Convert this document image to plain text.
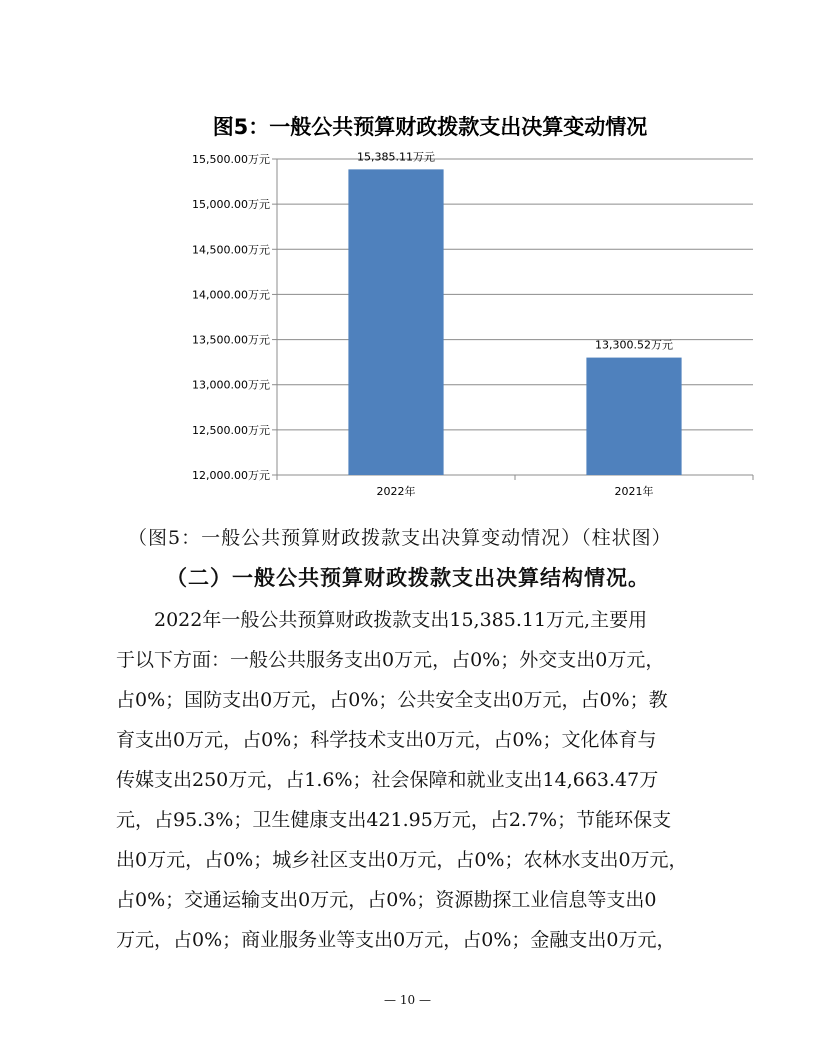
图5：一般公共预算财政拨款支出决算变动情况
12,000.00万元
12,500.00万元
13,000.00万元
13,500.00万元
14,000.00万元
14,500.00万元
15,000.00万元
15,500.00万元	15,385.11万元
2022年
13,300.52万元
2021年
（图5：一般公共预算财政拨款支出决算变动情况）（柱状图）
（二）一般公共预算财政拨款支出决算结构情况。
　　2022年一般公共预算财政拨款支出15,385.11万元,主要用
于以下方面：一般公共服务支出0万元，占0%；外交支出0万元，
占0%；国防支出0万元，占0%；公共安全支出0万元，占0%；教
育支出0万元，占0%；科学技术支出0万元，占0%；文化体育与
传媒支出250万元，占1.6%；社会保障和就业支出14,663.47万
元，占95.3%；卫生健康支出421.95万元，占2.7%；节能环保支
出0万元，占0%；城乡社区支出0万元，占0%；农林水支出0万元，
占0%；交通运输支出0万元，占0%；资源勘探工业信息等支出0
万元，占0%；商业服务业等支出0万元，占0%；金融支出0万元，
— 10 —
